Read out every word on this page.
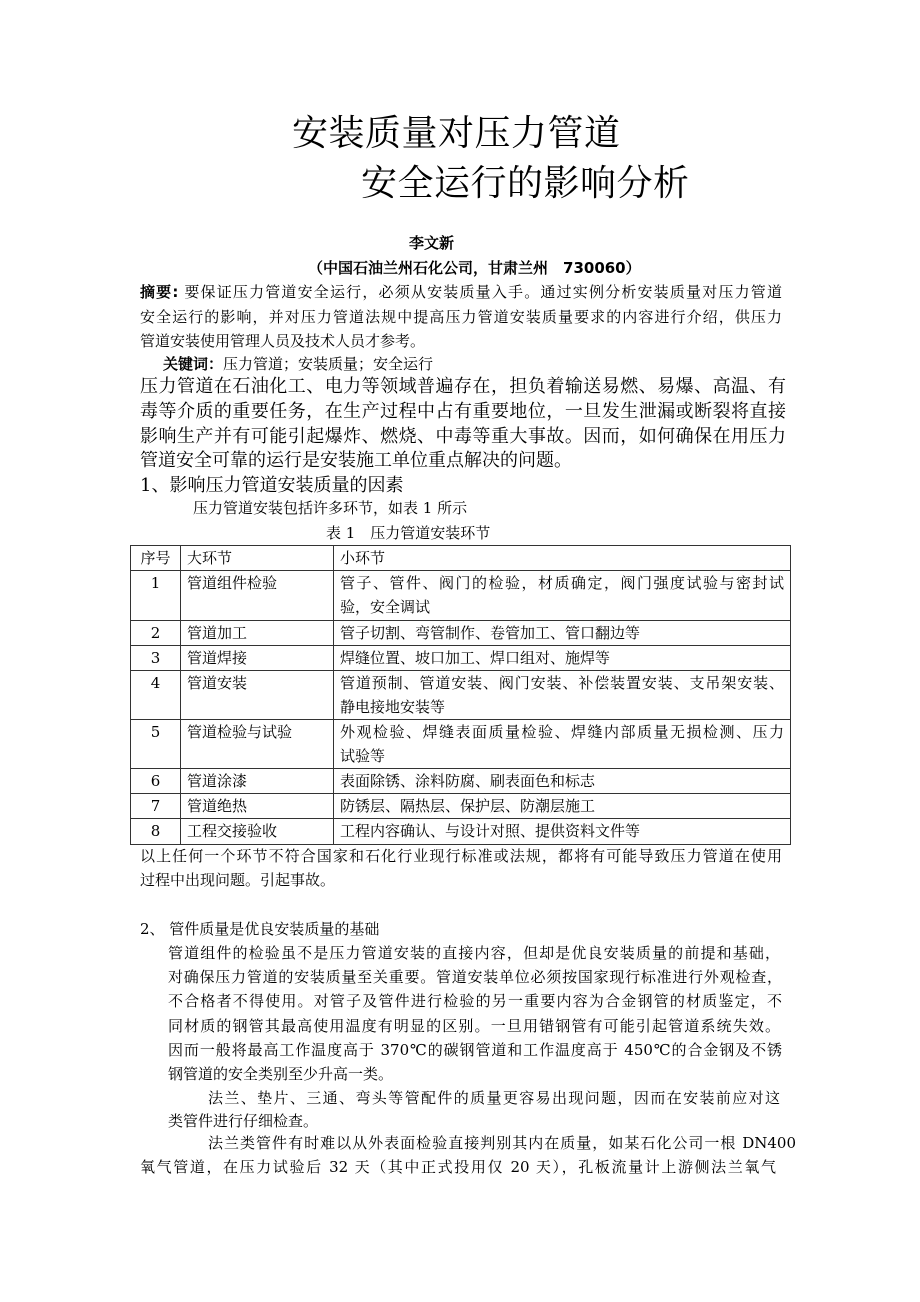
安装质量对压力管道
安全运行的影响分析
李文新
（中国石油兰州石化公司，甘肃兰州　730060）
摘要: 要保证压力管道安全运行，必须从安装质量入手。通过实例分析安装质量对压力管道
安全运行的影响，并对压力管道法规中提高压力管道安装质量要求的内容进行介绍，供压力
管道安装使用管理人员及技术人员才参考。
关键词：压力管道；安装质量；安全运行
压力管道在石油化工、电力等领域普遍存在，担负着输送易燃、易爆、高温、有
毒等介质的重要任务，在生产过程中占有重要地位，一旦发生泄漏或断裂将直接
影响生产并有可能引起爆炸、燃烧、中毒等重大事故。因而，如何确保在用压力
管道安全可靠的运行是安装施工单位重点解决的问题。
1、影响压力管道安装质量的因素
压力管道安装包括许多环节，如表 1 所示
表 1　压力管道安装环节
序号	大环节	小环节
1	管道组件检验	管子、管件、阀门的检验，材质确定，阀门强度试验与密封试
验，安全调试

2	管道加工	管子切割、弯管制作、卷管加工、管口翻边等

3	管道焊接	焊缝位置、坡口加工、焊口组对、施焊等

4	管道安装	管道预制、管道安装、阀门安装、补偿装置安装、支吊架安装、
静电接地安装等

5	管道检验与试验	外观检验、焊缝表面质量检验、焊缝内部质量无损检测、压力
试验等

6	管道涂漆	表面除锈、涂料防腐、刷表面色和标志

7	管道绝热	防锈层、隔热层、保护层、防潮层施工

8	工程交接验收	工程内容确认、与设计对照、提供资料文件等
以上任何一个环节不符合国家和石化行业现行标准或法规，都将有可能导致压力管道在使用
过程中出现问题。引起事故。
2、 管件质量是优良安装质量的基础
管道组件的检验虽不是压力管道安装的直接内容，但却是优良安装质量的前提和基础，
对确保压力管道的安装质量至关重要。管道安装单位必须按国家现行标准进行外观检查，
不合格者不得使用。对管子及管件进行检验的另一重要内容为合金钢管的材质鉴定，不
同材质的钢管其最高使用温度有明显的区别。一旦用错钢管有可能引起管道系统失效。
因而一般将最高工作温度高于 370℃的碳钢管道和工作温度高于 450℃的合金钢及不锈
钢管道的安全类别至少升高一类。
法兰、垫片、三通、弯头等管配件的质量更容易出现问题，因而在安装前应对这
类管件进行仔细检查。
法兰类管件有时难以从外表面检验直接判别其内在质量，如某石化公司一根 DN400
氧气管道，在压力试验后 32 天（其中正式投用仅 20 天），孔板流量计上游侧法兰氧气
